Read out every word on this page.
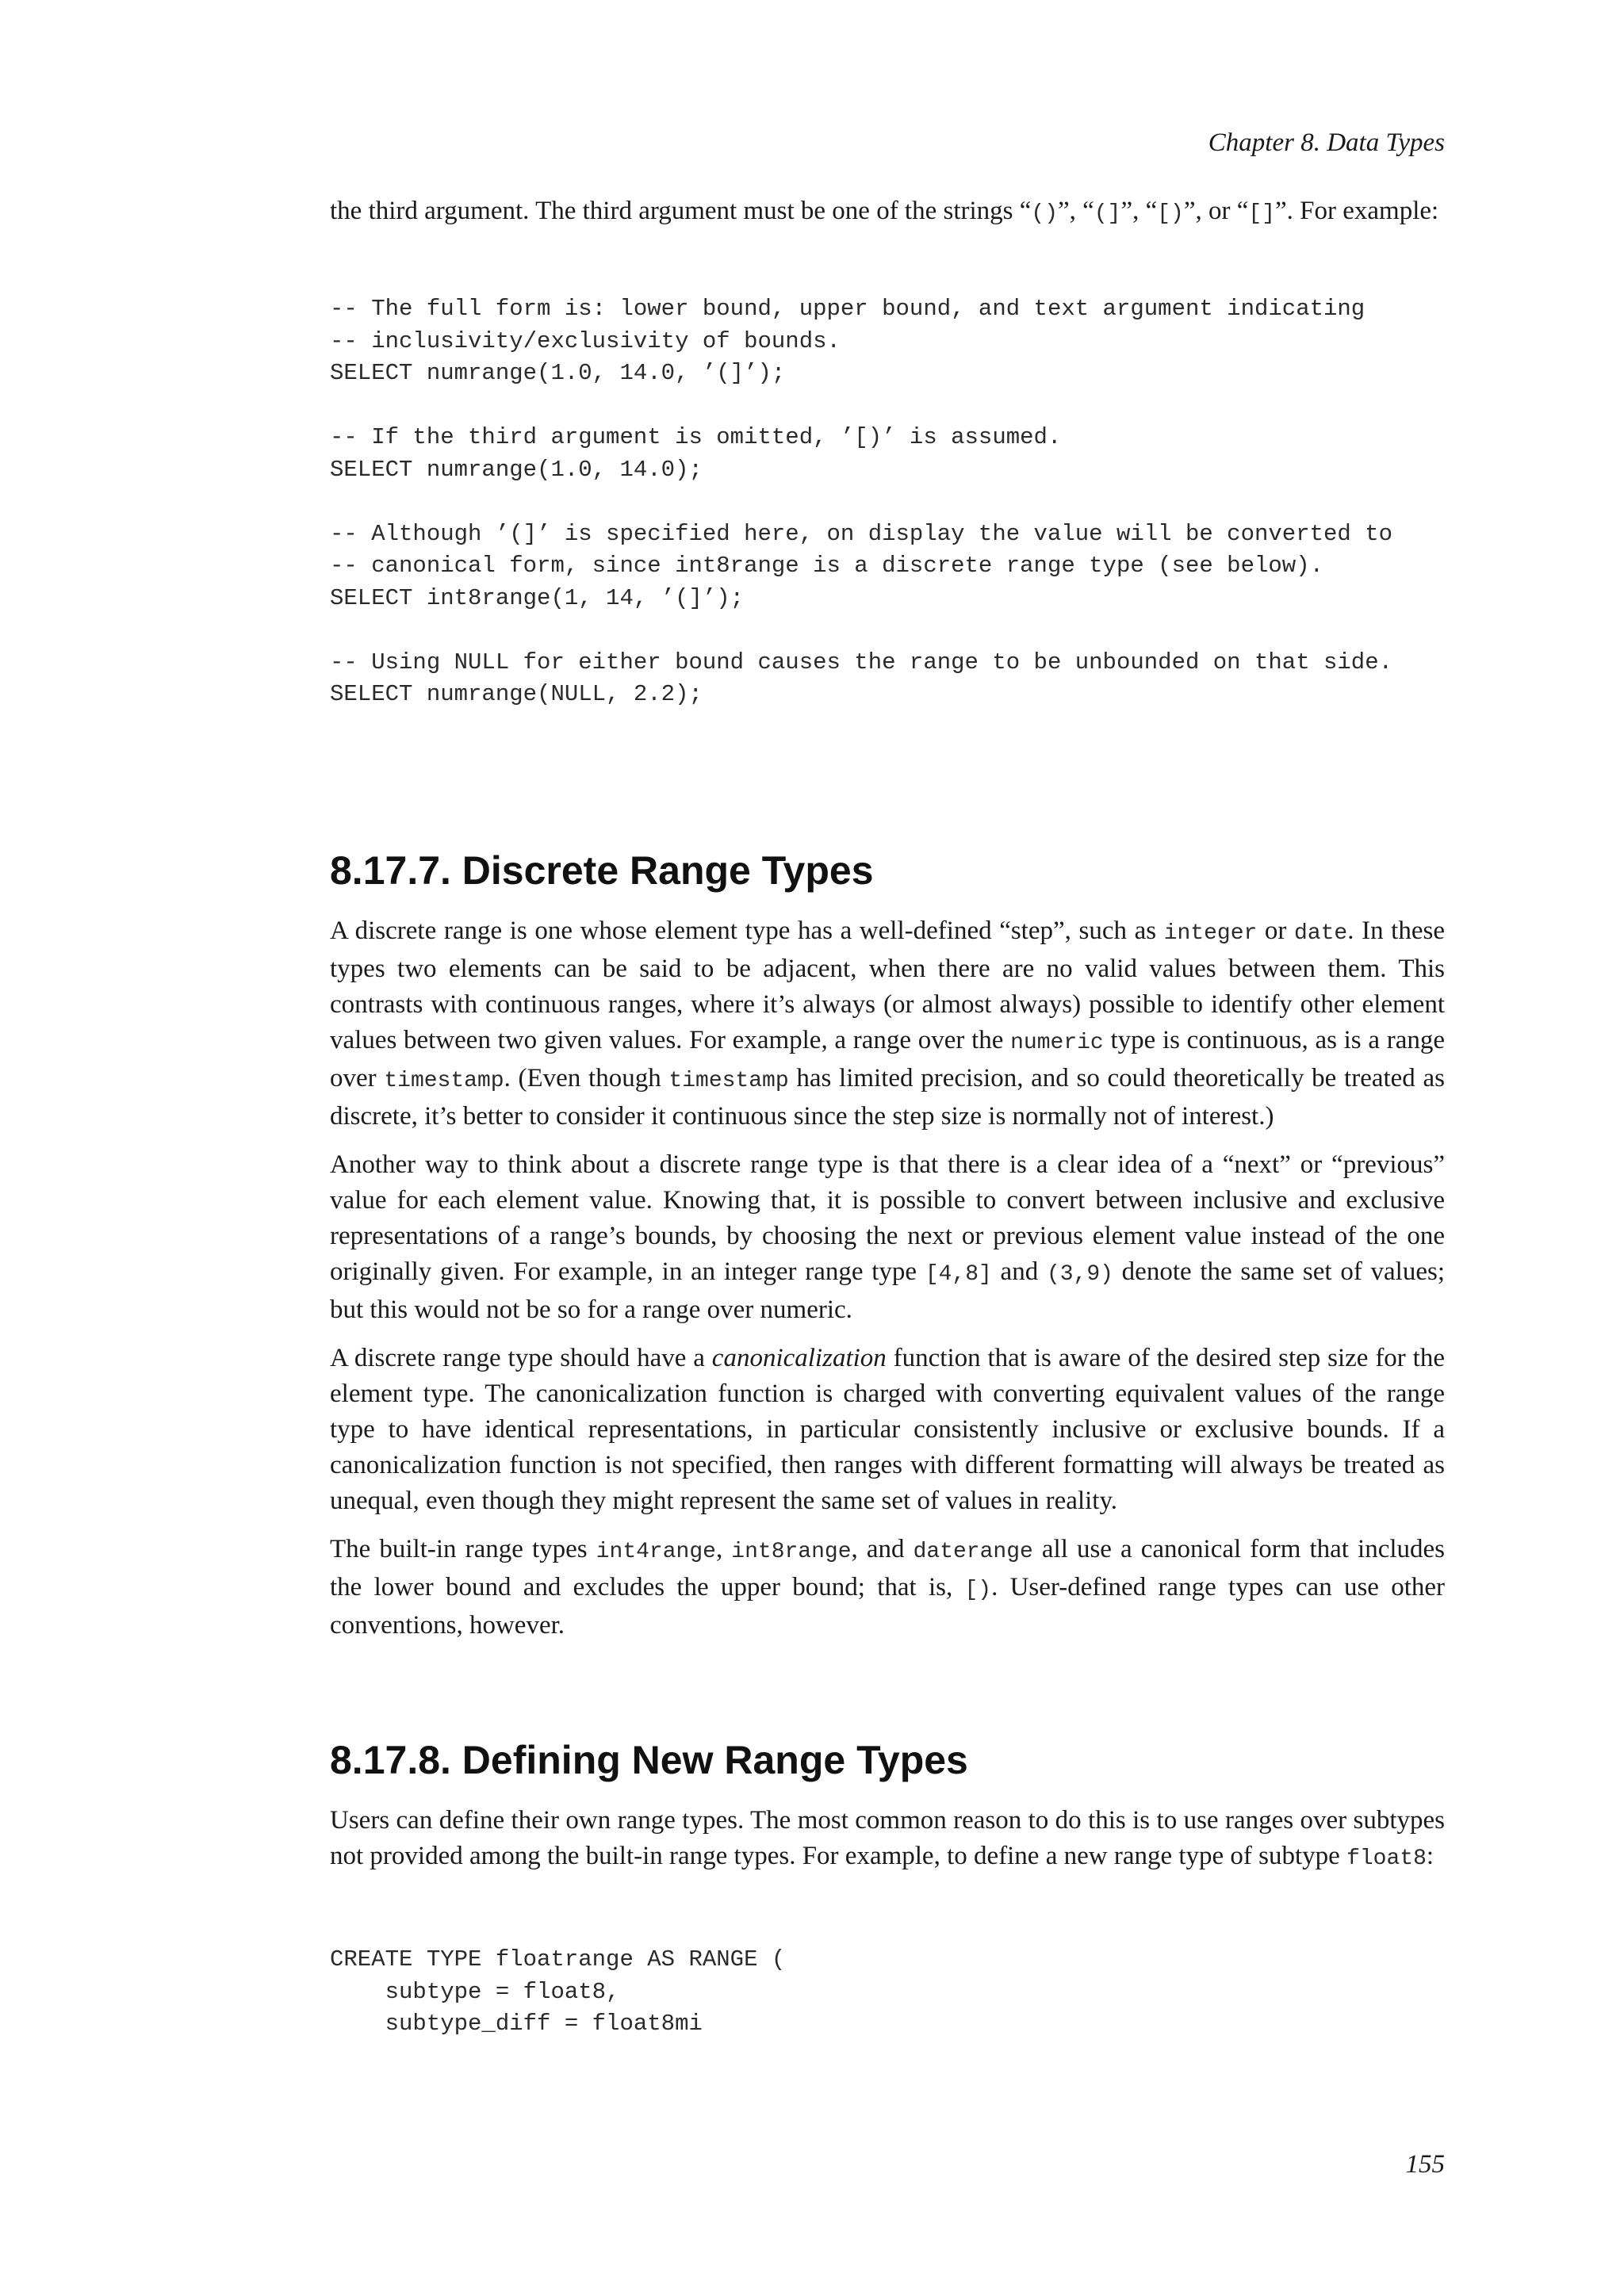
Chapter 8. Data Types

the third argument. The third argument must be one of the strings “()”, “(]”, “[)”, or “[]”. For example:

-- The full form is: lower bound, upper bound, and text argument indicating
-- inclusivity/exclusivity of bounds.
SELECT numrange(1.0, 14.0, ’(]’);

-- If the third argument is omitted, ’[)’ is assumed.
SELECT numrange(1.0, 14.0);

-- Although ’(]’ is specified here, on display the value will be converted to
-- canonical form, since int8range is a discrete range type (see below).
SELECT int8range(1, 14, ’(]’);

-- Using NULL for either bound causes the range to be unbounded on that side.
SELECT numrange(NULL, 2.2);
8.17.7. Discrete Range Types

A discrete range is one whose element type has a well-defined “step”, such as integer or date. In these types two elements can be said to be adjacent, when there are no valid values between them. This contrasts with continuous ranges, where it’s always (or almost always) possible to identify other element values between two given values. For example, a range over the numeric type is continuous, as is a range over timestamp. (Even though timestamp has limited precision, and so could theoretically be treated as discrete, it’s better to consider it continuous since the step size is normally not of interest.)

Another way to think about a discrete range type is that there is a clear idea of a “next” or “previous” value for each element value. Knowing that, it is possible to convert between inclusive and exclusive representations of a range’s bounds, by choosing the next or previous element value instead of the one originally given. For example, in an integer range type [4,8] and (3,9) denote the same set of values; but this would not be so for a range over numeric.

A discrete range type should have a canonicalization function that is aware of the desired step size for the element type. The canonicalization function is charged with converting equivalent values of the range type to have identical representations, in particular consistently inclusive or exclusive bounds. If a canonicalization function is not specified, then ranges with different formatting will always be treated as unequal, even though they might represent the same set of values in reality.

The built-in range types int4range, int8range, and daterange all use a canonical form that includes the lower bound and excludes the upper bound; that is, [). User-defined range types can use other conventions, however.

8.17.8. Defining New Range Types

Users can define their own range types. The most common reason to do this is to use ranges over subtypes not provided among the built-in range types. For example, to define a new range type of subtype float8:

CREATE TYPE floatrange AS RANGE (
subtype = float8,
subtype_diff = float8mi
155
